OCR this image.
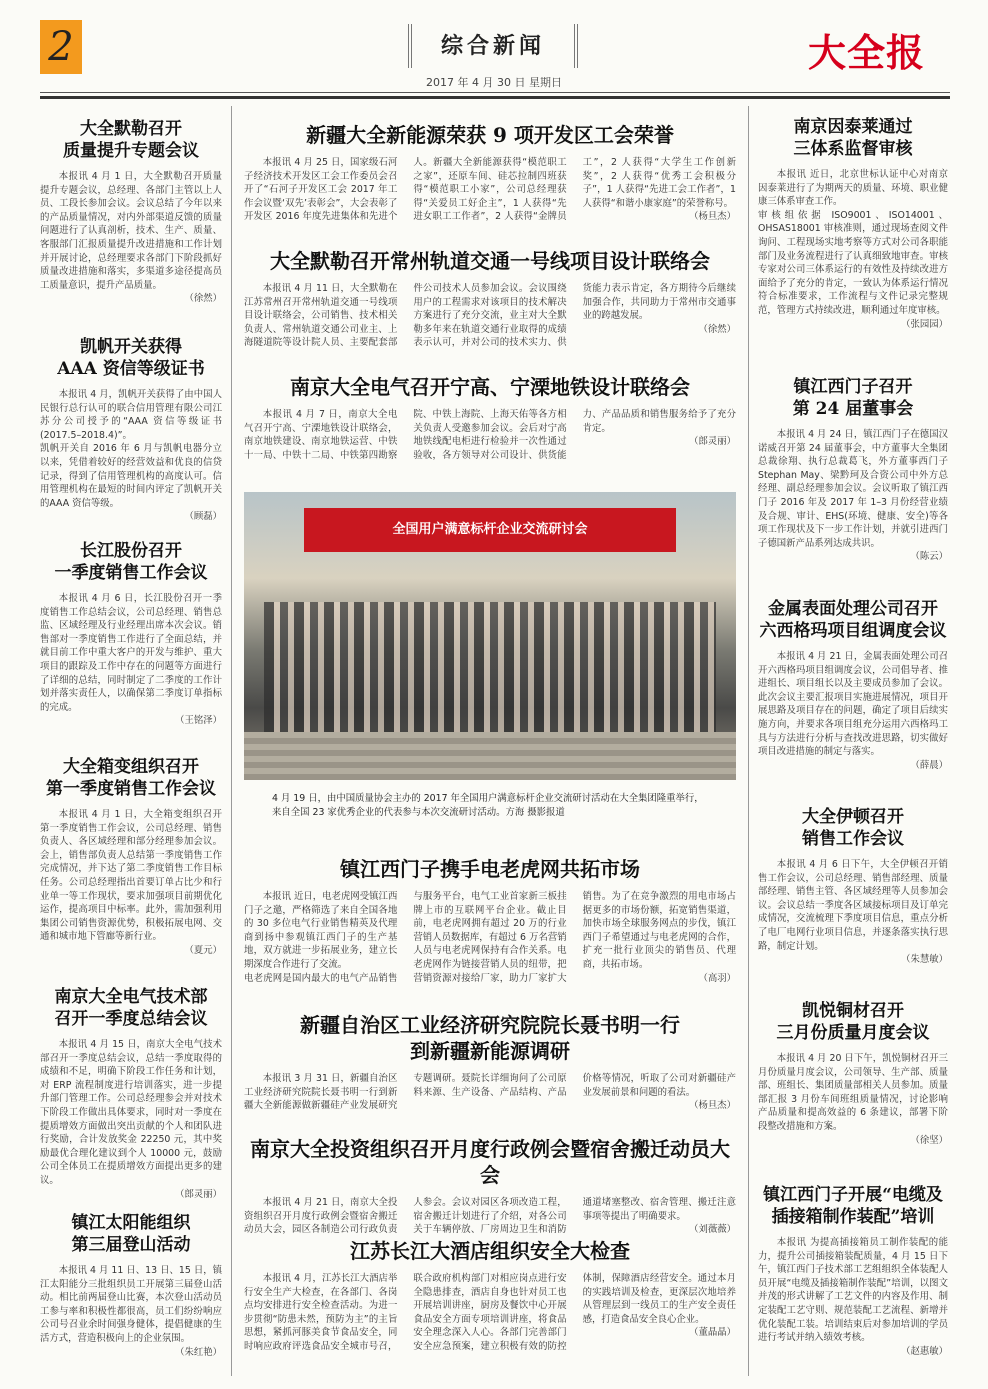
2	综合新闻	大全报
2017 年 4 月 30 日 星期日
大全默勒召开
质量提升专题会议

本报讯 4 月 1 日，大全默勒召开质量提升专题会议，总经理、各部门主管以上人员、工段长参加会议。会议总结了今年以来的产品质量情况，对内外部渠道反馈的质量问题进行了认真剖析，技术、生产、质量、客服部门汇报质量提升改进措施和工作计划并开展讨论，总经理要求各部门下阶段抓好质量改进措施和落实，多渠道多途径提高员工质量意识，提升产品质量。

（徐然）
凯帆开关获得
AAA 资信等级证书

本报讯 4 月，凯帆开关获得了由中国人民银行总行认可的联合信用管理有限公司江苏分公司授予的“AAA 资信等级证书(2017.5–2018.4)”。
凯帆开关自 2016 年 6 月与凯帆电器分立以来，凭借着较好的经营效益和优良的信贷记录，得到了信用管理机构的高度认可。信用管理机构在最短的时间内评定了凯帆开关的AAA 资信等级。

（顾磊）
长江股份召开
一季度销售工作会议

本报讯 4 月 6 日，长江股份召开一季度销售工作总结会议，公司总经理、销售总监、区域经理及行业经理出席本次会议。销售部对一季度销售工作进行了全面总结，并就目前工作中重大客户的开发与维护、重大项目的跟踪及工作中存在的问题等方面进行了详细的总结，同时制定了二季度的工作计划并落实责任人，以确保第二季度订单指标的完成。

（王铭泽）
大全箱变组织召开
第一季度销售工作会议

本报讯 4 月 1 日，大全箱变组织召开第一季度销售工作会议，公司总经理、销售负责人、各区域经理和部分经理参加会议。会上，销售部负责人总结第一季度销售工作完成情况，并下达了第二季度销售工作目标任务。公司总经理指出首要订单占比少和行业单一等工作现状，要求加强项目前期优化运作，提高项目中标率。此外，需加强利用集团公司销售资源优势，积极拓展电网、交通和城市地下管廊等新行业。

（夏元）
南京大全电气技术部
召开一季度总结会议

本报讯 4 月 15 日，南京大全电气技术部召开一季度总结会议，总结一季度取得的成绩和不足，明确下阶段工作任务和计划，对 ERP 流程制度进行培训落实，进一步提升部门管理工作。公司总经理参会并对技术下阶段工作做出具体要求，同时对一季度在提质增效方面做出突出贡献的个人和团队进行奖励，合计发放奖金 22250 元，其中奖励最优合理化建议到个人 10000 元，鼓励公司全体员工在提质增效方面提出更多的建议。

（郎灵丽）
镇江太阳能组织
第三届登山活动

本报讯 4 月 11 日、13 日、15 日，镇江太阳能分三批组织员工开展第三届登山活动。相比前两届登山比赛，本次登山活动员工参与率和积极性都很高，员工们纷纷响应公司号召业余时间强身健体，提倡健康的生活方式，营造积极向上的企业氛围。

（朱红艳）
新疆大全新能源荣获 9 项开发区工会荣誉

本报讯 4 月 25 日，国家级石河子经济技术开发区工会工作委员会召开了“石河子开发区工会 2017 年工作会议暨‘双先’表彰会”，大会表彰了开发区 2016 年度先进集体和先进个人。新疆大全新能源获得“模范职工之家”，还原车间、硅芯拉制四班获得“模范职工小家”，公司总经理获得“关爱员工好企主”，1 人获得“先进女职工工作者”，2 人获得“金牌员工”，2 人获得“大学生工作创新奖”，2 人获得“优秀工会积极分子”，1 人获得“先进工会工作者”，1 人获得“和谐小康家庭”的荣誉称号。

（杨旦杰）
大全默勒召开常州轨道交通一号线项目设计联络会

本报讯 4 月 11 日，大全默勒在江苏常州召开常州轨道交通一号线项目设计联络会，公司销售、技术相关负责人、常州轨道交通公司业主、上海隧道院等设计院人员、主要配套部件公司技术人员参加会议。会议围绕用户的工程需求对该项目的技术解决方案进行了充分交流，业主对大全默勒多年来在轨道交通行业取得的成绩表示认可，并对公司的技术实力、供货能力表示肯定，各方期待今后继续加强合作，共同助力于常州市交通事业的跨越发展。

（徐然）
南京大全电气召开宁高、宁溧地铁设计联络会

本报讯 4 月 7 日，南京大全电气召开宁高、宁溧地铁设计联络会，南京地铁建设、南京地铁运营、中铁十一局、中铁十二局、中铁第四勘察院、中铁上海院、上海天佑等各方相关负责人受邀参加会议。会后对宁高地铁线配电柜进行检验并一次性通过验收，各方领导对公司设计、供货能力、产品品质和销售服务给予了充分肯定。

（郎灵丽）
全国用户满意标杆企业交流研讨会
4 月 19 日，由中国质量协会主办的 2017 年全国用户满意标杆企业交流研讨活动在大全集团隆重举行，来自全国 23 家优秀企业的代表参与本次交流研讨活动。方海 摄影报道
镇江西门子携手电老虎网共拓市场

本报讯 近日，电老虎网受镇江西门子之邀，严格筛选了来自全国各地的 30 多位电气行业销售精英及代理商到扬中参观镇江西门子的生产基地，双方就进一步拓展业务，建立长期深度合作进行了交流。
电老虎网是国内最大的电气产品销售与服务平台，电气工业首家新三板挂牌上市的互联网平台企业。截止目前，电老虎网拥有超过 20 万的行业营销人员数据库，有超过 6 万名营销人员与电老虎网保持有合作关系。电老虎网作为链接营销人员的纽带，把营销资源对接给厂家，助力厂家扩大销售。为了在竞争激烈的用电市场占据更多的市场份额，拓宽销售渠道，加快市场全球服务网点的步伐，镇江西门子希望通过与电老虎网的合作，扩充一批行业顶尖的销售员、代理商，共拓市场。

（高羽）
新疆自治区工业经济研究院院长聂书明一行
到新疆新能源调研

本报讯 3 月 31 日，新疆自治区工业经济研究院院长聂书明一行到新疆大全新能源做新疆硅产业发展研究专题调研。聂院长详细询问了公司原料来源、生产设备、产品结构、产品价格等情况，听取了公司对新疆硅产业发展前景和问题的看法。

（杨旦杰）
南京大全投资组织召开月度行政例会暨宿舍搬迁动员大会

本报讯 4 月 21 日，南京大全投资组织召开月度行政例会暨宿舍搬迁动员大会，园区各制造公司行政负责人参会。会议对园区各项改造工程，宿舍搬迁计划进行了介绍，对各公司关于车辆停放、厂房周边卫生和消防通道堵塞整改、宿舍管理、搬迁注意事项等提出了明确要求。

（刘薇薇）
江苏长江大酒店组织安全大检查

本报讯 4 月，江苏长江大酒店举行安全生产大检查，在各部门、各岗点均安排进行安全检查活动。为进一步贯彻“防患未然，预防为主”的主旨思想，紧抓河豚美食节食品安全，同时响应政府评选食品安全城市号召，联合政府机构部门对相应岗点进行安全隐患排查，酒店自身也针对员工也开展培训讲座，厨房及餐饮中心开展食品安全方面专项培训讲座，将食品安全理念深入人心。各部门完善部门安全应急预案，建立积极有效的防控体制，保障酒店经营安全。通过本月的实践培训及检查，更深层次地培养从管理层到一线员工的生产安全责任感，打造食品安全良心企业。

（董晶晶）
南京因泰莱通过
三体系监督审核

本报讯 近日，北京世标认证中心对南京因泰莱进行了为期两天的质量、环境、职业健康三体系审查工作。
审核组依据 ISO9001、ISO14001、OHSAS18001 审核准则，通过现场查阅文件询问、工程现场实地考察等方式对公司各职能部门及业务流程进行了认真细致地审查。审核专家对公司三体系运行的有效性及持续改进方面给予了充分的肯定，一致认为体系运行情况符合标准要求，工作流程与文件记录完整规范，管理方式持续改进，顺利通过年度审核。

（张园园）
镇江西门子召开
第 24 届董事会

本报讯 4 月 24 日，镇江西门子在德国汉诺威召开第 24 届董事会，中方董事大全集团总裁徐翔、执行总裁葛飞，外方董事西门子 Stephan May、梁黔珂及合资公司中外方总经理、副总经理参加会议。会议听取了镇江西门子 2016 年及 2017 年 1–3 月份经营业绩及合规、审计、EHS(环境、健康、安全)等各项工作现状及下一步工作计划，并就引进西门子德国新产品系列达成共识。

（陈云）
金属表面处理公司召开
六西格玛项目组调度会议

本报讯 4 月 21 日，金属表面处理公司召开六西格玛项目组调度会议，公司倡导者、推进组长、项目组长以及主要成员参加了会议。此次会议主要汇报项目实施进展情况，项目开展思路及项目存在的问题，确定了项目后续实施方向，并要求各项目组充分运用六西格玛工具与方法进行分析与查找改进思路，切实做好项目改进措施的制定与落实。

（薛晨）
大全伊顿召开
销售工作会议

本报讯 4 月 6 日下午，大全伊顿召开销售工作会议，公司总经理、销售部经理、质量部经理、销售主管、各区域经理等人员参加会议。会议总结一季度各区域接标项目及订单完成情况，交流梳理下季度项目信息，重点分析了电厂电网行业项目信息，并逐条落实执行思路，制定计划。

（朱慧敏）
凯悦铜材召开
三月份质量月度会议

本报讯 4 月 20 日下午，凯悦铜材召开三月份质量月度会议，公司领导、生产部、质量部、班组长、集团质量部相关人员参加。质量部汇报 3 月份车间班组质量情况，讨论影响产品质量和提高效益的 6 条建议，部署下阶段整改措施和方案。

（徐坚）
镇江西门子开展“电缆及
插接箱制作装配”培训

本报讯 为提高插接箱员工制作装配的能力，提升公司插接箱装配质量，4 月 15 日下午，镇江西门子技术部工艺组组织全体装配人员开展“电缆及插接箱制作装配”培训，以图文并茂的形式讲解了工艺文件的内容及作用、制定装配工艺守则、规范装配工艺流程、新增并优化装配工装。培训结束后对参加培训的学员进行考试并纳入绩效考核。

（赵惠敏）
